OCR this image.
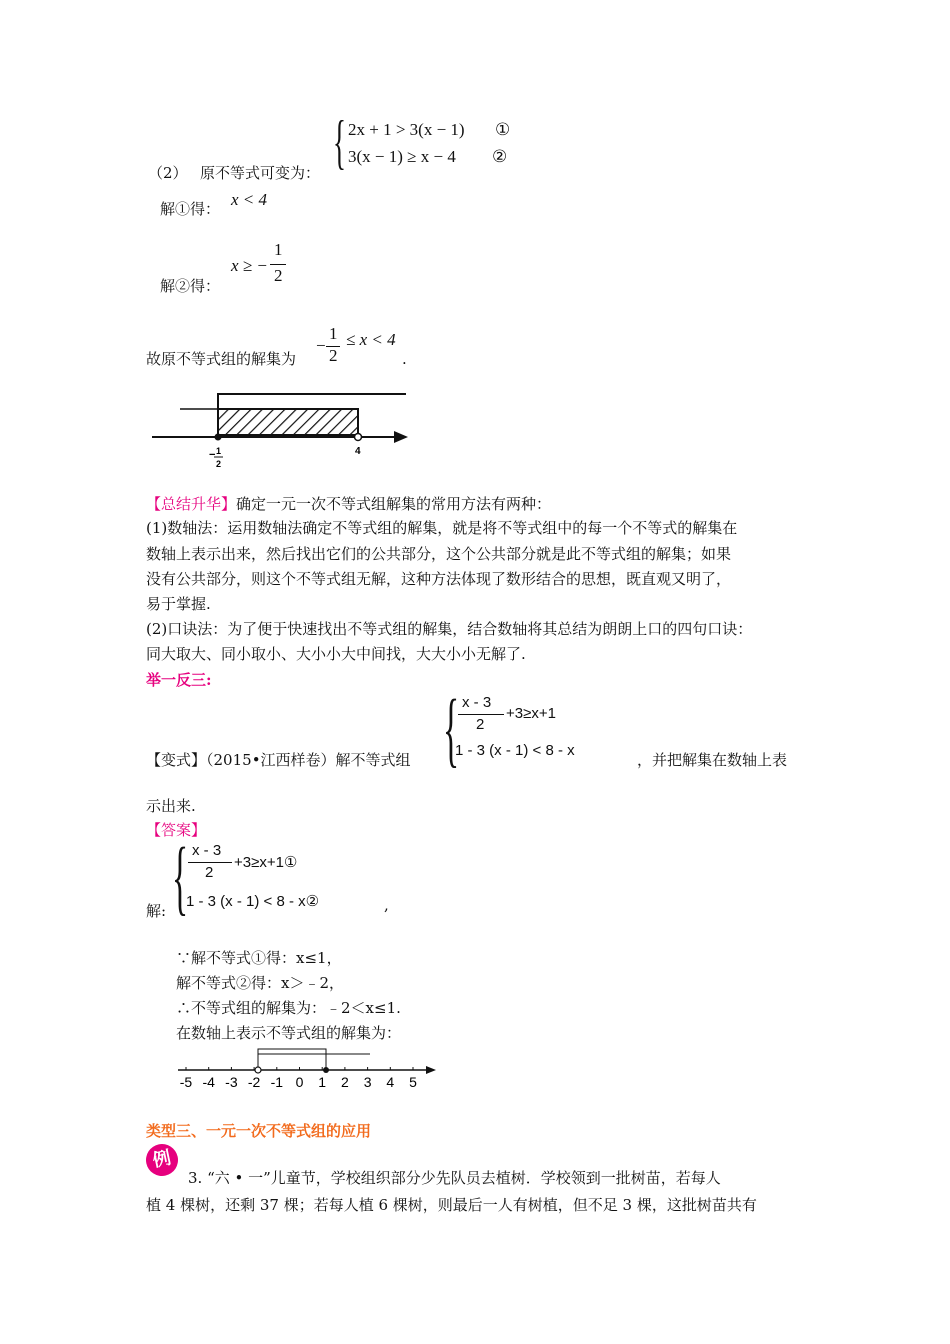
（2） 原不等式可变为： { 2x + 1 > 3(x − 1) ①
3(x − 1) ≥ x − 4 ②
解①得： x < 4
解②得：
x ≥ −
1
2
故原不等式组的解集为
−
1
2
≤ x < 4
.
− 1
2
4
【总结升华】确定一元一次不等式组解集的常用方法有两种：
(1)数轴法：运用数轴法确定不等式组的解集，就是将不等式组中的每一个不等式的解集在
数轴上表示出来，然后找出它们的公共部分，这个公共部分就是此不等式组的解集；如果
没有公共部分，则这个不等式组无解，这种方法体现了数形结合的思想，既直观又明了，
易于掌握.
(2)口诀法：为了便于快速找出不等式组的解集，结合数轴将其总结为朗朗上口的四句口诀：
同大取大、同小取小、大小小大中间找，大大小小无解了.
举一反三:
【变式】（2015•江西样卷）解不等式组 { x - 3
2
+3≥x+1
1 - 3 (x - 1) < 8 - x
，并把解集在数轴上表
示出来.
【答案】
解: { x - 3
2
+3≥x+1①
1 - 3 (x - 1) < 8 - x②	,
∵解不等式①得：x≤1，
解不等式②得：x＞﹣2，
∴不等式组的解集为：﹣2＜x≤1.
在数轴上表示不等式组的解集为：
-5 -4 -3 -2 -1 0 1 2 3 4 5
类型三、一元一次不等式组的应用
例
3. “六 • 一”儿童节，学校组织部分少先队员去植树．学校领到一批树苗，若每人
植 4 棵树，还剩 37 棵；若每人植 6 棵树，则最后一人有树植，但不足 3 棵，这批树苗共有
